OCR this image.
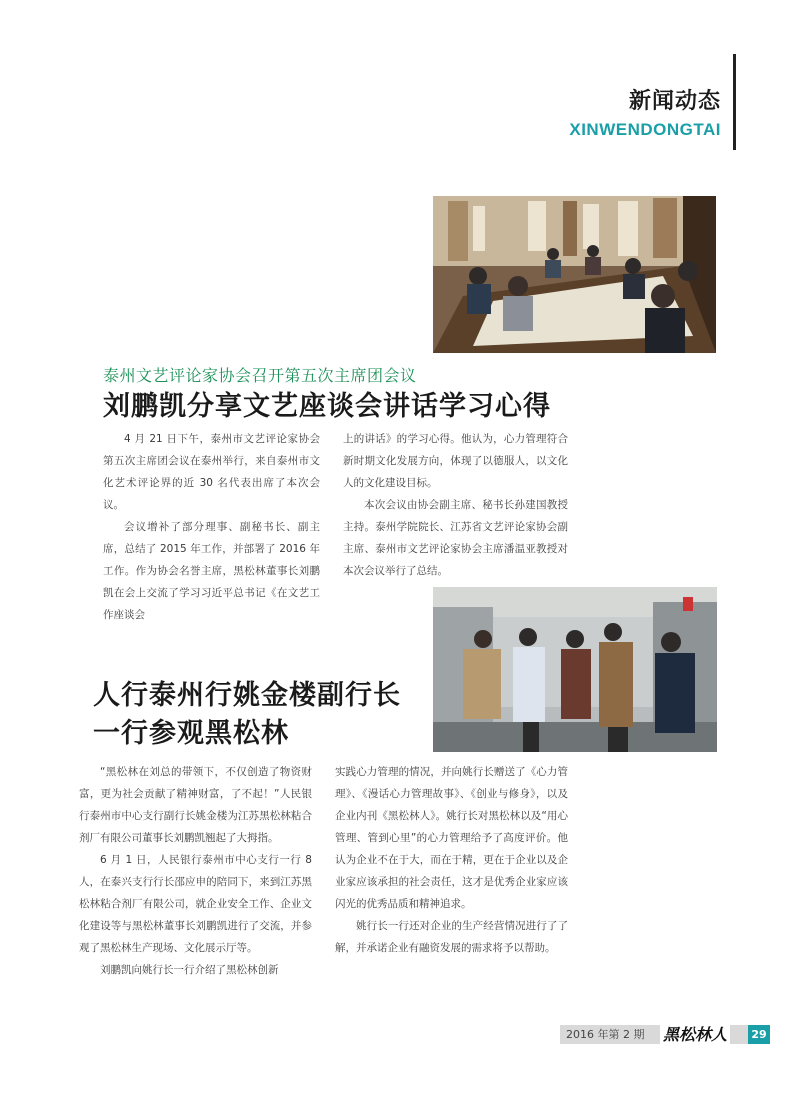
新闻动态
XINWENDONGTAI
泰州文艺评论家协会召开第五次主席团会议
刘鹏凯分享文艺座谈会讲话学习心得

4 月 21 日下午，泰州市文艺评论家协会第五次主席团会议在泰州举行，来自泰州市文化艺术评论界的近 30 名代表出席了本次会议。

会议增补了部分理事、副秘书长、副主席，总结了 2015 年工作，并部署了 2016 年工作。作为协会名誉主席，黑松林董事长刘鹏凯在会上交流了学习习近平总书记《在文艺工作座谈会

上的讲话》的学习心得。他认为，心力管理符合新时期文化发展方向，体现了以德服人，以文化人的文化建设目标。

本次会议由协会副主席、秘书长孙建国教授主持。泰州学院院长、江苏省文艺评论家协会副主席、泰州市文艺评论家协会主席潘温亚教授对本次会议举行了总结。

人行泰州行姚金楼副行长一行参观黑松林

“黑松林在刘总的带领下，不仅创造了物资财富，更为社会贡献了精神财富，了不起！”人民银行泰州市中心支行副行长姚金楼为江苏黑松林粘合剂厂有限公司董事长刘鹏凯翘起了大拇指。

6 月 1 日，人民银行泰州市中心支行一行 8 人，在泰兴支行行长邵应申的陪同下，来到江苏黑松林粘合剂厂有限公司，就企业安全工作、企业文化建设等与黑松林董事长刘鹏凯进行了交流，并参观了黑松林生产现场、文化展示厅等。

刘鹏凯向姚行长一行介绍了黑松林创新

实践心力管理的情况，并向姚行长赠送了《心力管理》、《漫话心力管理故事》、《创业与修身》，以及企业内刊《黑松林人》。姚行长对黑松林以及“用心管理、管到心里”的心力管理给予了高度评价。他认为企业不在于大，而在于精，更在于企业以及企业家应该承担的社会责任，这才是优秀企业家应该闪光的优秀品质和精神追求。

姚行长一行还对企业的生产经营情况进行了了解，并承诺企业有融资发展的需求将予以帮助。

2016 年第 2 期 黑松林人	29
